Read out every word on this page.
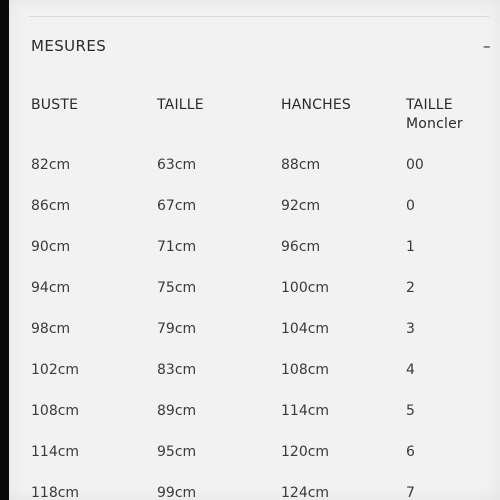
MESURES	–
BUSTE	TAILLE	HANCHES	TAILLE
Moncler
82cm	63cm	88cm	00
86cm	67cm	92cm	0
90cm	71cm	96cm	1
94cm	75cm	100cm	2
98cm	79cm	104cm	3
102cm	83cm	108cm	4
108cm	89cm	114cm	5
114cm	95cm	120cm	6
118cm	99cm	124cm	7
